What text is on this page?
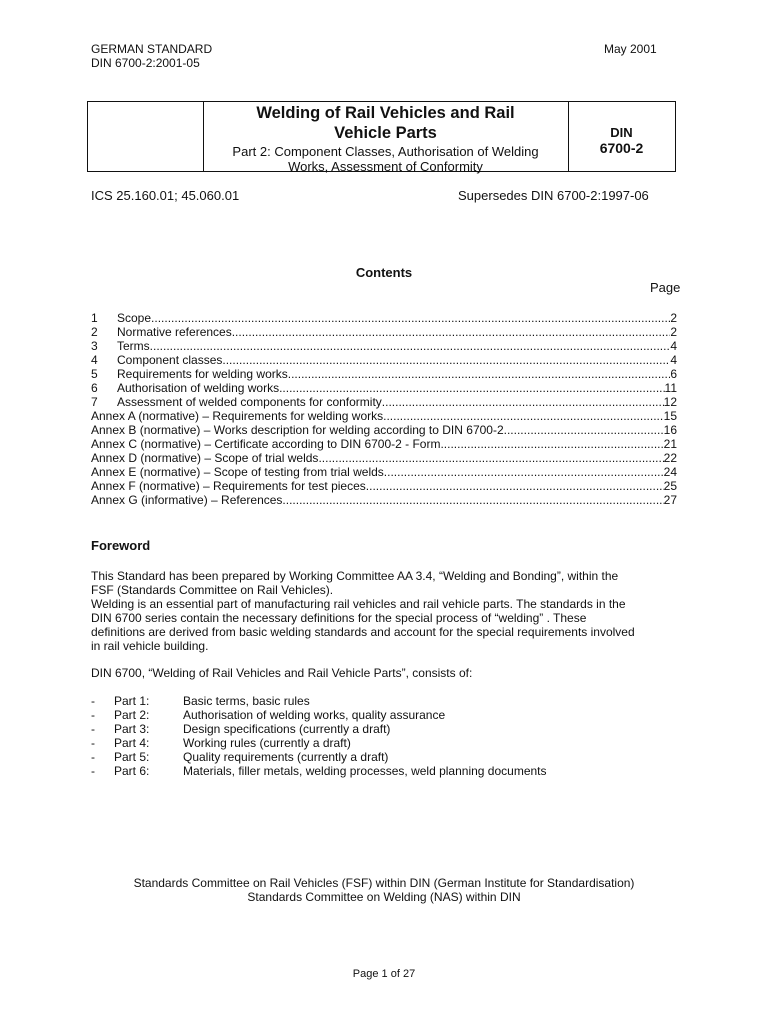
GERMAN STANDARD
DIN 6700-2:2001-05
May 2001
Welding of Rail Vehicles and Rail
Vehicle Parts
Part 2: Component Classes, Authorisation of Welding
Works, Assessment of Conformity
DIN
6700-2
ICS 25.160.01; 45.060.01	Supersedes DIN 6700-2:1997-06
Contents
Page
1	Scope .....	2
2	Normative references .....	2
3	Terms .....	4
4	Component classes .....	4
5	Requirements for welding works .....	6
6	Authorisation of welding works .....	11
7	Assessment of welded components for conformity .....	12
Annex A (normative) – Requirements for welding works .....	15
Annex B (normative) – Works description for welding according to DIN 6700-2 .....	16
Annex C (normative) – Certificate according to DIN 6700-2 - Form .....	21
Annex D (normative) – Scope of trial welds .....	22
Annex E (normative) – Scope of testing from trial welds .....	24
Annex F (normative) – Requirements for test pieces .....	25
Annex G (informative) – References .....	27
Foreword
This Standard has been prepared by Working Committee AA 3.4, “Welding and Bonding”, within the
FSF (Standards Committee on Rail Vehicles).
Welding is an essential part of manufacturing rail vehicles and rail vehicle parts. The standards in the
DIN 6700 series contain the necessary definitions for the special process of “welding” . These
definitions are derived from basic welding standards and account for the special requirements involved
in rail vehicle building.
DIN 6700, “Welding of Rail Vehicles and Rail Vehicle Parts”, consists of:
-	Part 1:	Basic terms, basic rules
-	Part 2:	Authorisation of welding works, quality assurance
-	Part 3:	Design specifications (currently a draft)
-	Part 4:	Working rules (currently a draft)
-	Part 5:	Quality requirements (currently a draft)
-	Part 6:	Materials, filler metals, welding processes, weld planning documents
Standards Committee on Rail Vehicles (FSF) within DIN (German Institute for Standardisation)
Standards Committee on Welding (NAS) within DIN
Page 1 of 27
